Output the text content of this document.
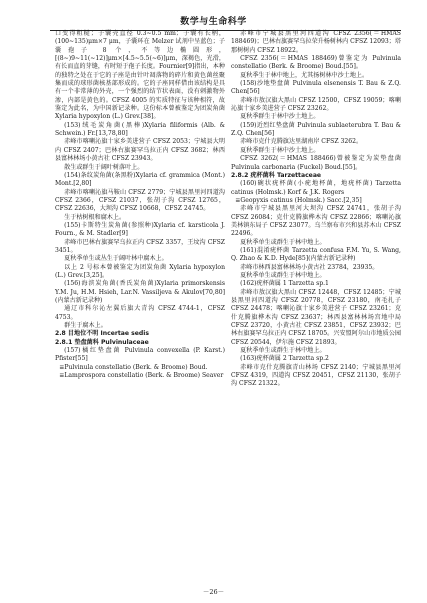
数学与生命科学

口变得粗糙；子囊壳直径 0.3~0.5 mm；子囊有长柄，(100~135)μm×7 μm，子囊环在 Melzer 试剂中呈蓝色；子囊孢子 8 个，不等边椭圆形，[(8~)9~11(~12)]μm×[4.5~5.5(~6)]μm，深褐色，光滑，有长而直的芽缝，有时短于孢子长度。Fournier[9]指出，本种的独特之处在于它的子座是由针叶凋落物的碎片和黄色菌丝聚集而成的球形菌核基部形成的。它的子座同样借由该结构是具有一个非常薄的外壳，一个强烈的结节状表面，没有刺激物外渗，内部是黄色的。CFSZ 4005 的实质特征与该种相符，故鉴定为此名，为中国新记录种。这份标本曾被鉴定为团炭角菌 Xylaria hypoxylon (L.) Grev.[38]。

(153)绒毛炭角菌(黑棒)Xylaria filiformis (Alb. & Schwein.) Fr.[13,78,80]

赤峰市喀喇沁旗十家乡美进营子 CFSZ 2053；宁城县大明内 CFSZ 2407；巴林右旗赛罕乌拉正内 CFSZ 3682；林西县富林林场小黄古社 CFSZ 23943。

散生或群生于阔叶树落叶上。

(154)条纹炭角菌(条黑粉)Xylaria cf. grammica (Mont.) Mont.[2,80]

赤峰市喀喇沁旗马鞍山 CFSZ 2779；宁城县黑里河四道沟 CFSZ 2366，CFSZ 21037，张胡子沟 CFSZ 12765，CFSZ 22636，大坝沟 CFSZ 10668，CFSZ 24745。

生于枯树根和腐木上。

(155)卡斯特生炭角菌(参照种)Xylaria cf. karsticola J. Fourn., & M. Stadler[9]

赤峰市巴林右旗赛罕乌拉正内 CFSZ 3357，王坟沟 CFSZ 3451。

夏秋季单生或丛生于阔叶林中腐木上。

以上 2 号标本曾被鉴定为团炭角菌 Xylaria hypoxylon (L.) Grev.[3,25]。

(156)海滨炭角菌(香氏炭角菌)Xylaria primorskensis Y.M. Ju, H.M. Hsieh, Lar.N. Vassiljeva & Akulov[70,80](内蒙古新记录种)

通辽市科尔沁左翼后旗大青沟 CFSZ 4744-1，CFSZ 4753。

群生于腐木上。

2.8 目地位不明 Incertae sedis

2.8.1 垫盘菌科 Pulvinulaceae

(157)橘红垫盘菌 Pulvinula convexella (P. Karst.) Pfister[55]

≡Pulvinula constellatio (Berk. & Broome) Boud.

≡Lamprospora constellatio (Berk. & Broome) Seaver

赤峰市宁城县黑里河四道沟 CFSZ 2356(＝HMAS 188469)；巴林右旗赛罕乌拉荣升杨树林内 CFSZ 12093；塔那树树内 CFSZ 18922。

CFSZ 2356(＝HMAS 188469)曾鉴定为 Pulvinula constellatio (Berk. & Broome) Boud.[55]。

夏秋季生于林中地上，尤其扬树林中沙土地上。

(158)沙地垫盘菌 Pulvinula elsenensis T. Bau & Z.Q. Chen[56]

赤峰市敖汉旗大黑山 CFSZ 12500，CFSZ 19059；喀喇沁旗十家乡美进营子 CFSZ 23262。

夏秋季群生于林中沙土地上。

(159)近烈红垫盘菌 Pulvinula sublaeterubra T. Bau & Z.Q. Chen[56]

赤峰市克什克腾旗达里湖南岸 CFSZ 3262。

夏秋季群生于林中沙土地上。

CFSZ 3262(＝HMAS 188466)曾被鉴定为炭垫盘菌 Pulvinula carbonaria (Fuckel) Boud.[55]。

2.8.2 疣杯菌科 Tarzettaceae

(160)碗状疣杯菌(小疣地杯菌，地疣杯菌) Tarzetta catinus (Holmsk.) Korf & J.K. Rogers

≡Geopyxis catinus (Holmsk.) Sacc.[2,35]

赤峰市宁城县黑里河大坝沟 CFSZ 24741，张胡子沟 CFSZ 26084；克什克腾旗桦木沟 CFSZ 22866；喀喇沁旗美林镇东局子 CFSZ 23077。乌兰察布市兴和县苏木山 CFSZ 22496。

夏秋季单生或群生于林中地上。

(161)混淆疣杯菌 Tarzetta confusa F.M. Yu, S. Wang, Q. Zhao & K.D. Hyde[85](内蒙古新记录种)

赤峰市林西县富林林场小黄古社 23784，23935。

夏秋季单生或群生于林中地上。

(162)疣杯菌属 1 Tarzetta sp.1

赤峰市敖汉旗大黑山 CFSZ 12448，CFSZ 12485；宁城县黑里河四道沟 CFSZ 20778，CFSZ 23180，南毛扎子 CFSZ 24478；喀喇沁旗十家乡美进营子 CFSZ 23261；克什克腾旗桦木沟 CFSZ 23637；林西县富林林场宫地中局 CFSZ 23720，小黄古社 CFSZ 23851，CFSZ 23932；巴林右旗赛罕乌拉正内 CFSZ 18705。兴安盟阿尔山市地质公园 CFSZ 20544，伊尔施 CFSZ 21893。

夏秋季单生或群生于林中地上。

(163)疣杯菌属 2 Tarzetta sp.2

赤峰市克什克腾旗青山林场 CFSZ 2140；宁城县黑里河 CFSZ 4319，四道沟 CFSZ 20451，CFSZ 21130，张胡子沟 CFSZ 21322。

－26－
